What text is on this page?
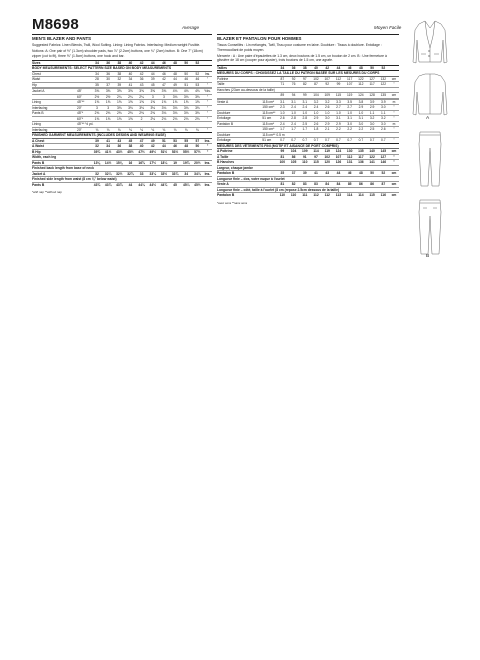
M8698	Average	Moyen Facile
MEN'S BLAZER AND PANTS
Suggested Fabrics: Linen Blends, Twill, Wool Suiting. Lining: Lining Fabrics. Interfacing: Medium weight Fusible.
Notions: A: One pair of ½" (1.3cm) shoulder pads, two ⅞" (2.2cm) buttons, one ¾" (2cm) button. B: One 7" (18cm) zipper (cut to fit), three ⅝" (1.5cm) buttons, one hook and bar.
Sizes		34	36	38	40	42	44	46	48	50	52	
BODY MEASUREMENTS: SELECT PATTERN SIZE BASED ON BODY MEASUREMENTS												
Chest		34	36	38	40	42	44	46	48	50	52	Ins.
Waist		28	30	32	34	36	39	42	44	46	46	"
Hip		35	37	39	41	43	45	47	49	51	53	"

Jacket A	45"	3⅝	3⅝	3⅝	3⅝	3⅝	3⅝	3⅝	4⅛	4⅛	4⅛	Yds.
	60"	2½	2½	2¼	2¼	2¼	3	3	3⅛	3⅛	3⅛	"
Lining	45"**	1⅝	1⅝	1⅝	1⅝	1⅝	1⅝	1⅝	1⅝	1⅝	1⅝	"
Interfacing	20"	3	3	3⅛	3⅛	3⅛	3⅛	3⅛	3⅛	3⅛	3⅛	"
Pants B	45"*	2⅜	2⅜	2⅜	2⅜	2⅜	2⅜	3⅛	3⅛	3⅛	3⅛	"
	60"*	1⅝	1⅝	1⅝	1⅝	2	2⅛	2⅛	2⅛	2⅛	2⅛	"
Lining	45"** ½ yd.											
Interfacing	20"	⅛	⅛	⅛	⅛	⅛	⅛	⅛	⅛	⅛	⅛	"
FINISHED GARMENT MEASUREMENTS (INCLUDES DESIGN AND WEARING EASE)												
A Chest		39	41	43	45	47	49	51	53	55	57	Ins.
A Waist		32	34	36	38	40	42	44	46	48	50	"
B Hip		39¾	41½	43½	45½	47½	49½	51½	53½	55½	57½	"
Width, each leg												
Pants B		13⅛	14½	15⅛	16	16¾	17½	18¼	19	19¾	20½	Ins.
Finished back length from base of neck												
Jacket A		32	32¼	32½	32¾	33	33¼	33½	33¾	34	34¼	Ins.
Finished side length from waist (8 cm ⅛" below waist)												
Pants B		43¾	43¾	43¾	44	44¼	44½	44¾	45	45¼	45½	Ins.
*with nap **without nap
BLAZER ET PANTALON POUR HOMMES
Tissus Conseillés : Lin mélangés, Twill, Tissu pour costume en laine. Doublure : Tissus à doublure. Entoilage : Thermocollant de poids moyen.
Mercerie : A : Une paire d'épaulettes de 1.3 cm, deux boutons de 1.5 cm, un bouton de 2 cm. B : Une fermeture à glissière de 18 cm (couper pour ajuster), trois boutons de 1.5 cm, une agrafe.
Tailles		34	36	38	40	42	44	46	48	50	52	
MESURES DU CORPS : CHOISISSEZ LA TAILLE DU PATRON BASÉE SUR LES MESURES DU CORPS												
Poitrine		87	92	97	102	107	112	117	122	127	132	cm
Taille		71	76	82	87	92	99	107	112	117	122	"
Hanches (23cm au-dessous de la taille)												
		89	94	99	104	109	115	119	124	128	135	cm

Veste A	115 cm*	3.1	3.1	3.1	3.2	3.2	3.3	3.5	3.8	3.9	3.9	m
	150 cm*	2.3	2.4	2.4	2.4	2.6	2.7	2.7	2.9	2.9	3.0	"
Doublure	115 cm**	1.0	1.0	1.0	1.0	1.0	1.0	1.0	1.0	1.1	1.1	"
Entoilage	51 cm	2.6	2.8	2.8	2.9	3.0	3.1	3.1	3.1	3.2	3.2	"
Pantalon B	115 cm*	2.4	2.4	2.5	2.6	2.9	2.9	3.0	3.0	3.0	3.0	m
	150 cm*	1.7	1.7	1.7	1.8	2.1	2.2	2.2	2.2	2.5	2.6	"
Doublure	115 cm** 0.5 m											
Entoilage	51 cm	0.7	0.7	0.7	0.7	0.7	0.7	0.7	0.7	0.7	0.7	"
MESURES DES VÊTEMENTS FINI (MOTIF ET AISANCE DE PORT COMPRIS)												
A Poitrine		99	104	109	114	119	124	130	135	140	145	cm
A Taille		81	86	91	97	102	107	112	117	122	127	"
B Hanches		100	105	110	115	120	126	131	136	141	146	"
Largeur, chaque jambe												
Pantalon B		35	37	39	41	43	44	46	48	50	52	cm
Longueur finie – dos, votre nuque à l'ourlet												
Veste A		81	82	83	83	84	84	85	86	86	87	cm
Longueur finie – côté, taille à l'ourlet (8 cm (repose 2.5cm dessous de la taille)												
Pantalon B		110	110	111	112	112	113	114	114	115	116	cm
*avec sens **sans sens
A
B
